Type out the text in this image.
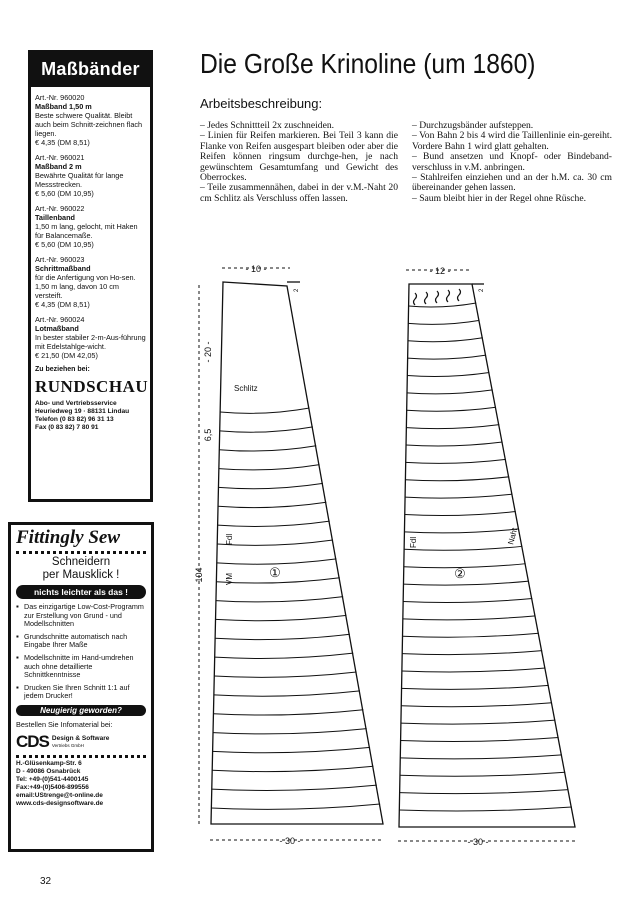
Maßbänder
Art.-Nr. 960020
Maßband 1,50 m
Beste schwere Qualität. Bleibt auch beim Schnitt-zeichnen flach liegen.
€ 4,35 (DM 8,51)
Art.-Nr. 960021
Maßband 2 m
Bewährte Qualität für lange Messstrecken.
€ 5,60 (DM 10,95)
Art.-Nr. 960022
Taillenband
1,50 m lang, gelocht, mit Haken für Balancemaße.
€ 5,60 (DM 10,95)
Art.-Nr. 960023
Schrittmaßband
für die Anfertigung von Ho-sen. 1,50 m lang, davon 10 cm versteift.
€ 4,35 (DM 8,51)
Art.-Nr. 960024
Lotmaßband
In bester stabiler 2-m-Aus-führung mit Edelstahlge-wicht.
€ 21,50 (DM 42,05)
Zu beziehen bei:
RUNDSCHAU
Abo- und Vertriebsservice
Heuriedweg 19 · 88131 Lindau
Telefon (0 83 82) 96 31 13
Fax (0 83 82) 7 80 91
Fittingly Sew
Schneidern
per Mausklick !
nichts leichter als das !
▪ Das einzigartige Low-Cost-Programm zur Erstellung von Grund - und Modellschnitten
▪ Grundschnitte automatisch nach Eingabe Ihrer Maße
▪ Modellschnitte im Hand-umdrehen auch ohne detaillierte Schnittkenntnisse
▪ Drucken Sie Ihren Schnitt 1:1 auf jedem Drucker!
Neugierig geworden?
Bestellen Sie Infomaterial bei:
CDS Design & Software
Vertriebs GmbH
H.-Glüsenkamp-Str. 6
D - 49086 Osnabrück
Tel: +49-(0)541-4400145
Fax:+49-(0)5406-899556
email:UStrenge@t-online.de
www.cds-designsoftware.de
Die Große Krinoline (um 1860)
Arbeitsbeschreibung:

– Jedes Schnittteil 2x zuschneiden.

– Linien für Reifen markieren. Bei Teil 3 kann die Flanke von Reifen ausgespart bleiben oder aber die Reifen können ringsum durchge-hen, je nach gewünschtem Gesamtumfang und Gewicht des Oberrockes.

– Teile zusammennähen, dabei in der v.M.-Naht 20 cm Schlitz als Verschluss offen lassen.

– Durchzugsbänder aufsteppen.

– Von Bahn 2 bis 4 wird die Taillenlinie ein-gereiht. Vordere Bahn 1 wird glatt gehalten.

– Bund ansetzen und Knopf- oder Bindeband-verschluss in v.M. anbringen.

– Stahlreifen einziehen und an der h.M. ca. 30 cm übereinander gehen lassen.

– Saum bleibt hier in der Regel ohne Rüsche.

- 10 -	- 12 -
- 30 -	- 30 -
- 20 -
6,5
104
2
Schlitz
Fdl
VM	①
2
Fdl	Naht
②
32
